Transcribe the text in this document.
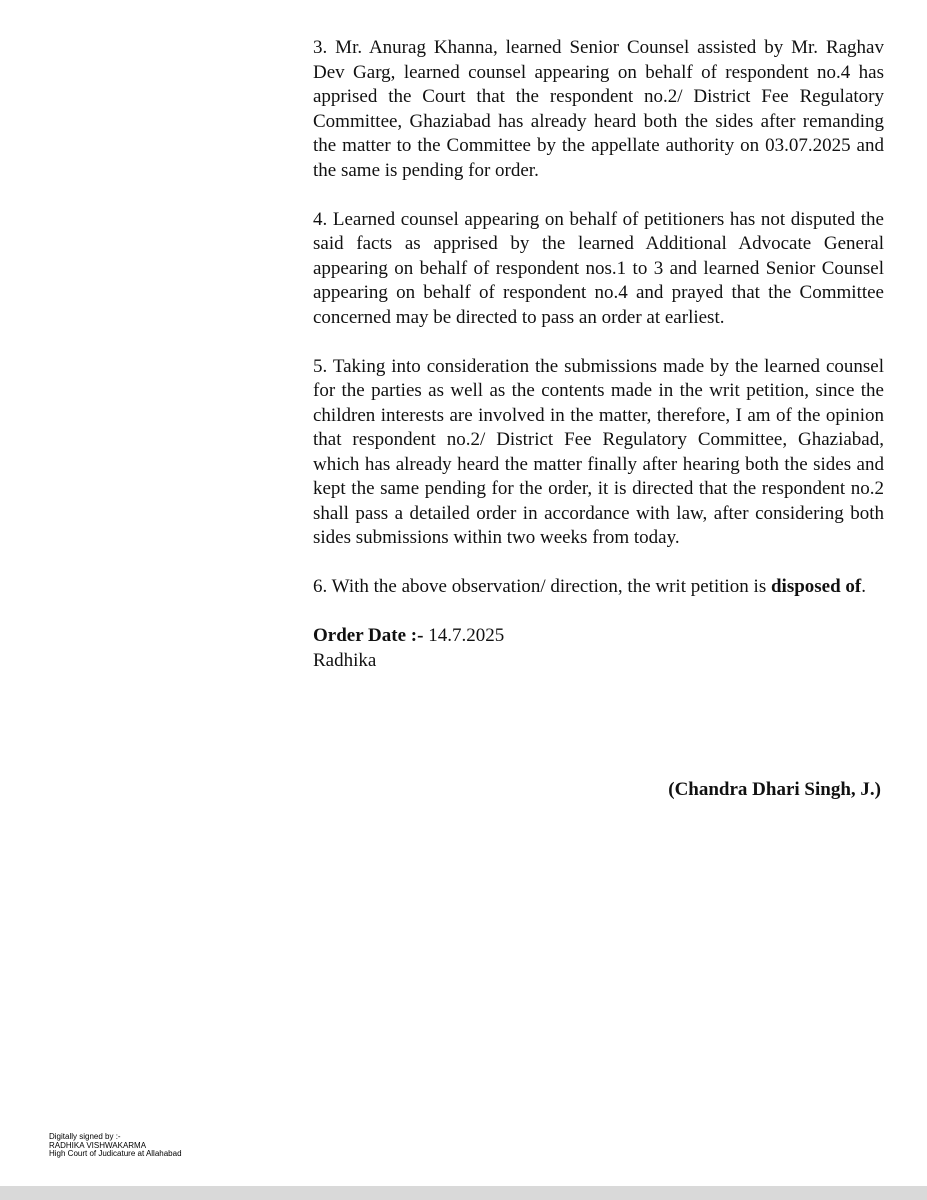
3. Mr. Anurag Khanna, learned Senior Counsel assisted by Mr. Raghav Dev Garg, learned counsel appearing on behalf of respondent no.4 has apprised the Court that the respondent no.2/ District Fee Regulatory Committee, Ghaziabad has already heard both the sides after remanding the matter to the Committee by the appellate authority on 03.07.2025 and the same is pending for order.

4. Learned counsel appearing on behalf of petitioners has not disputed the said facts as apprised by the learned Additional Advocate General appearing on behalf of respondent nos.1 to 3 and learned Senior Counsel appearing on behalf of respondent no.4 and prayed that the Committee concerned may be directed to pass an order at earliest.

5. Taking into consideration the submissions made by the learned counsel for the parties as well as the contents made in the writ petition, since the children interests are involved in the matter, therefore, I am of the opinion that respondent no.2/ District Fee Regulatory Committee, Ghaziabad, which has already heard the matter finally after hearing both the sides and kept the same pending for the order, it is directed that the respondent no.2 shall pass a detailed order in accordance with law, after considering both sides submissions within two weeks from today.

6. With the above observation/ direction, the writ petition is disposed of.

Order Date :- 14.7.2025
Radhika
(Chandra Dhari Singh, J.)
Digitally signed by :-
RADHIKA VISHWAKARMA
High Court of Judicature at Allahabad
